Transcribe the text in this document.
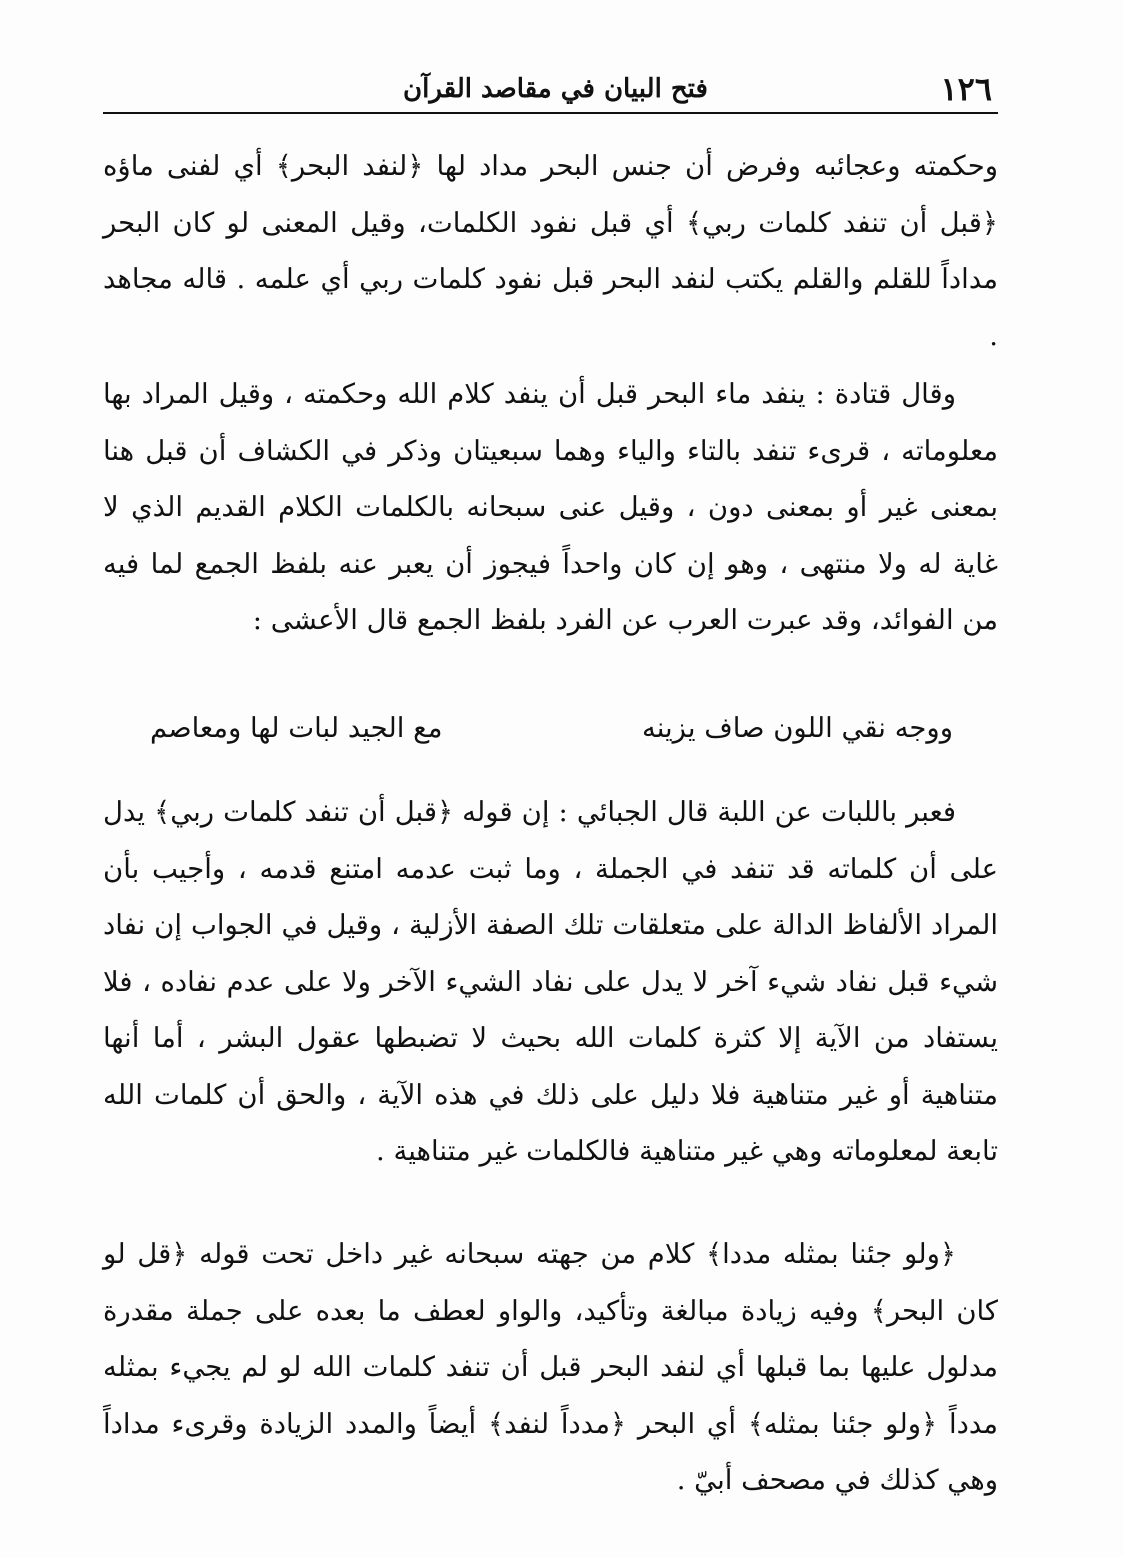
١٢٦
فتح البيان في مقاصد القرآن

وحكمته وعجائبه وفرض أن جنس البحر مداد لها ﴿لنفد البحر﴾ أي لفنى ماؤه ﴿قبل أن تنفد كلمات ربي﴾ أي قبل نفود الكلمات، وقيل المعنى لو كان البحر مداداً للقلم والقلم يكتب لنفد البحر قبل نفود كلمات ربي أي علمه . قاله مجاهد .

وقال قتادة : ينفد ماء البحر قبل أن ينفد كلام الله وحكمته ، وقيل المراد بها معلوماته ، قرىء تنفد بالتاء والياء وهما سبعيتان وذكر في الكشاف أن قبل هنا بمعنى غير أو بمعنى دون ، وقيل عنى سبحانه بالكلمات الكلام القديم الذي لا غاية له ولا منتهى ، وهو إن كان واحداً فيجوز أن يعبر عنه بلفظ الجمع لما فيه من الفوائد، وقد عبرت العرب عن الفرد بلفظ الجمع قال الأعشى :

ووجه نقي اللون صاف يزينه
مع الجيد لبات لها ومعاصم

فعبر باللبات عن اللبة قال الجبائي : إن قوله ﴿قبل أن تنفد كلمات ربي﴾ يدل على أن كلماته قد تنفد في الجملة ، وما ثبت عدمه امتنع قدمه ، وأجيب بأن المراد الألفاظ الدالة على متعلقات تلك الصفة الأزلية ، وقيل في الجواب إن نفاد شيء قبل نفاد شيء آخر لا يدل على نفاد الشيء الآخر ولا على عدم نفاده ، فلا يستفاد من الآية إلا كثرة كلمات الله بحيث لا تضبطها عقول البشر ، أما أنها متناهية أو غير متناهية فلا دليل على ذلك في هذه الآية ، والحق أن كلمات الله تابعة لمعلوماته وهي غير متناهية فالكلمات غير متناهية .

﴿ولو جئنا بمثله مددا﴾ كلام من جهته سبحانه غير داخل تحت قوله ﴿قل لو كان البحر﴾ وفيه زيادة مبالغة وتأكيد، والواو لعطف ما بعده على جملة مقدرة مدلول عليها بما قبلها أي لنفد البحر قبل أن تنفد كلمات الله لو لم يجيء بمثله مدداً ﴿ولو جئنا بمثله﴾ أي البحر ﴿مدداً لنفد﴾ أيضاً والمدد الزيادة وقرىء مداداً وهي كذلك في مصحف أبيّ .
